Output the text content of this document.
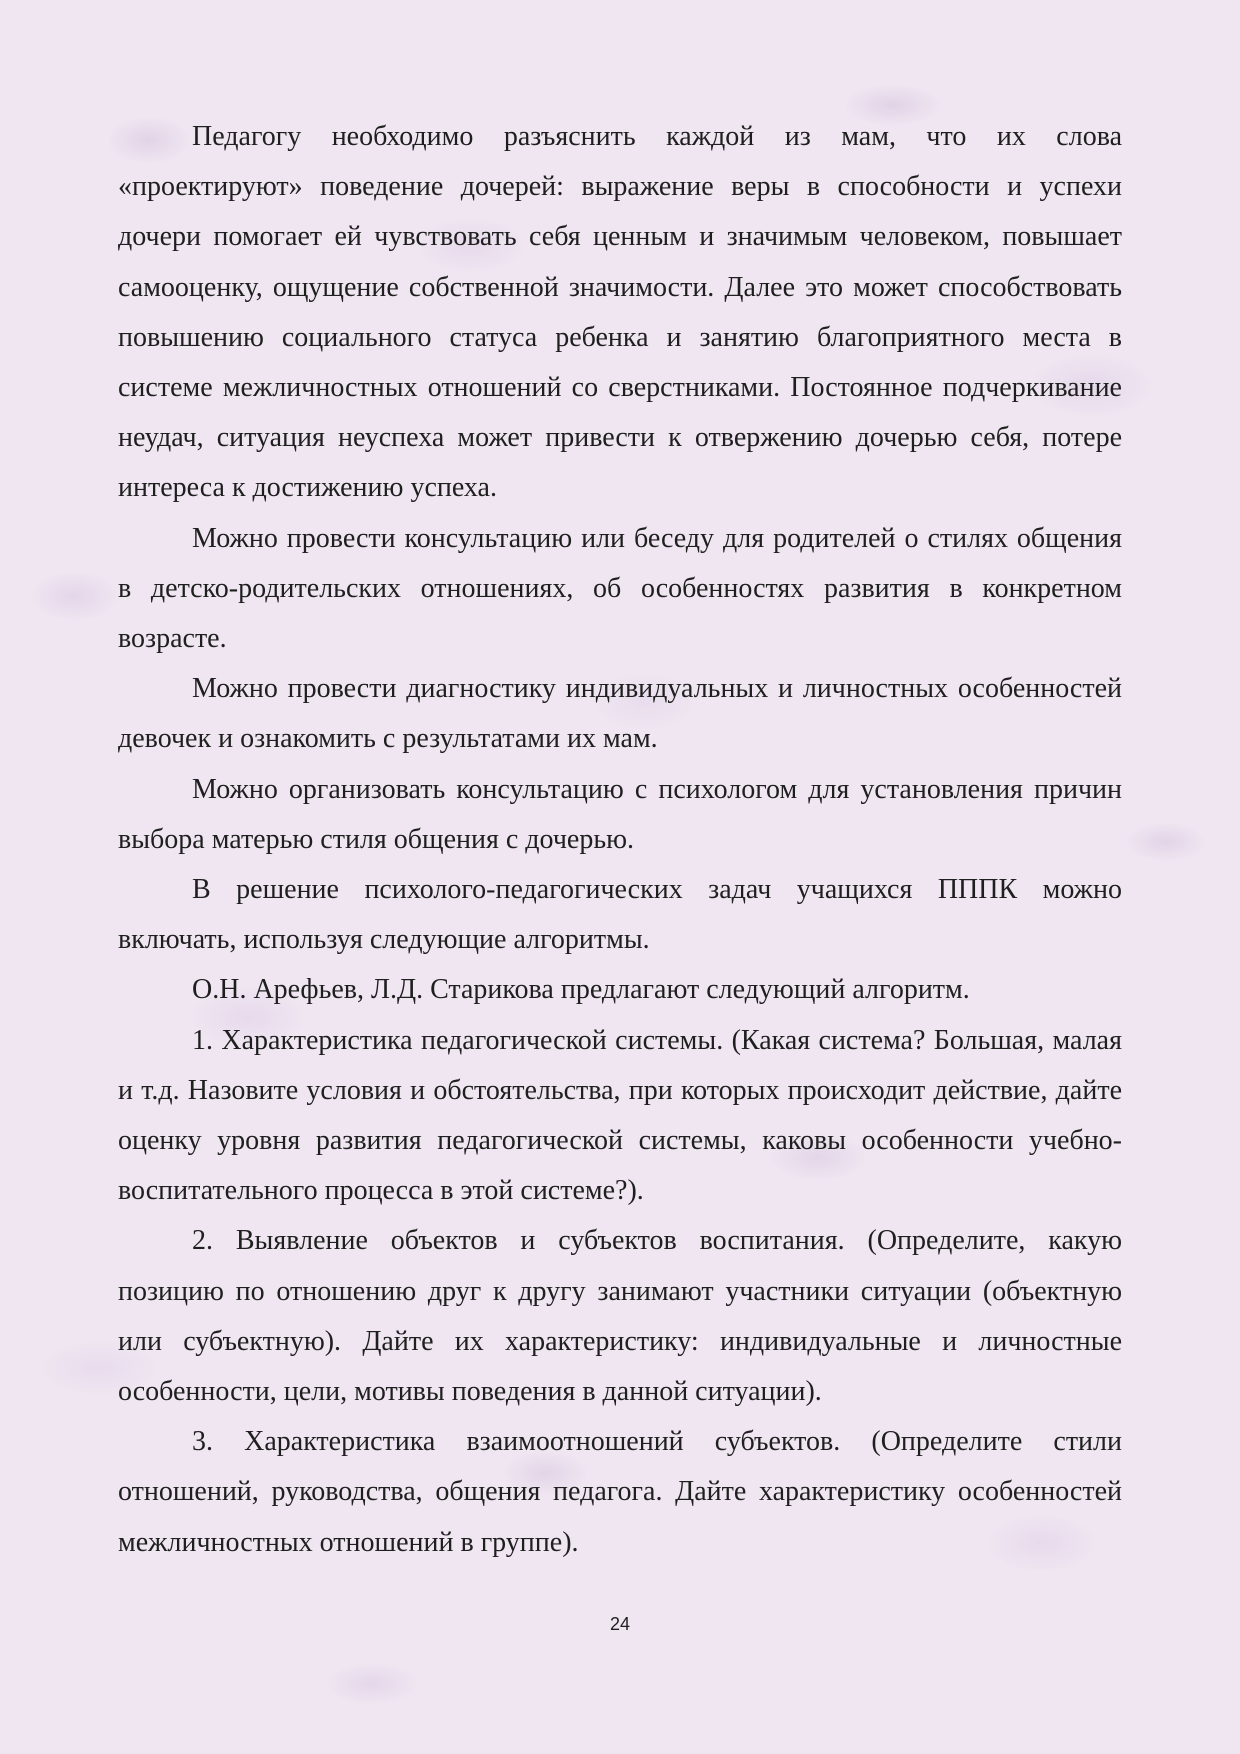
Педагогу необходимо разъяснить каждой из мам, что их слова «проектируют» поведение дочерей: выражение веры в способности и успехи дочери помогает ей чувствовать себя ценным и значимым человеком, повышает самооценку, ощущение собственной значимости. Далее это может способствовать повышению социального статуса ребенка и занятию благоприятного места в системе межличностных отношений со сверстниками. Постоянное подчеркивание неудач, ситуация неуспеха может привести к отвержению дочерью себя, потере интереса к достижению успеха.

Можно провести консультацию или беседу для родителей о стилях общения в детско-родительских отношениях, об особенностях развития в конкретном возрасте.

Можно провести диагностику индивидуальных и личностных особенностей девочек и ознакомить с результатами их мам.

Можно организовать консультацию с психологом для установления причин выбора матерью стиля общения с дочерью.

В решение психолого-педагогических задач учащихся ПППК можно включать, используя следующие алгоритмы.

О.Н. Арефьев, Л.Д. Старикова предлагают следующий алгоритм.

1. Характеристика педагогической системы. (Какая система? Большая, малая и т.д. Назовите условия и обстоятельства, при которых происходит действие, дайте оценку уровня развития педагогической системы, каковы особенности учебно-воспитательного процесса в этой системе?).

2. Выявление объектов и субъектов воспитания. (Определите, какую позицию по отношению друг к другу занимают участники ситуации (объектную или субъектную). Дайте их характеристику: индивидуальные и личностные особенности, цели, мотивы поведения в данной ситуации).

3. Характеристика взаимоотношений субъектов. (Определите стили отношений, руководства, общения педагога. Дайте характеристику особенностей межличностных отношений в группе).

24
